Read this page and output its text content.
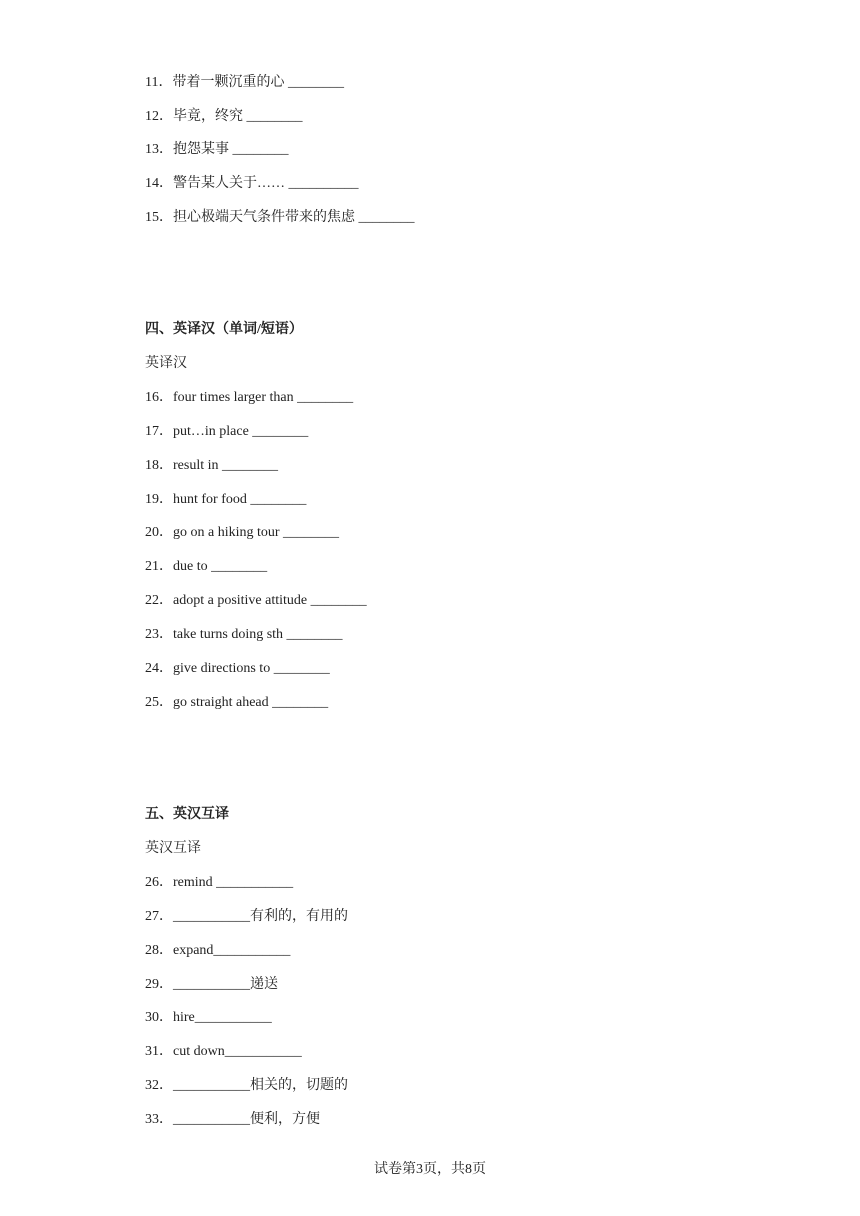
11．带着一颗沉重的心 ________
12．毕竟，终究 ________
13．抱怨某事 ________
14．警告某人关于…… __________
15．担心极端天气条件带来的焦虑 ________
四、英译汉（单词/短语）
英译汉
16．four times larger than ________
17．put…in place ________
18．result in ________
19．hunt for food ________
20．go on a hiking tour ________
21．due to ________
22．adopt a positive attitude ________
23．take turns doing sth ________
24．give directions to ________
25．go straight ahead ________
五、英汉互译
英汉互译
26．remind ___________
27．___________有利的，有用的
28．expand___________
29．___________递送
30．hire___________
31．cut down___________
32．___________相关的，切题的
33．___________便利，方便
试卷第3页，共8页
